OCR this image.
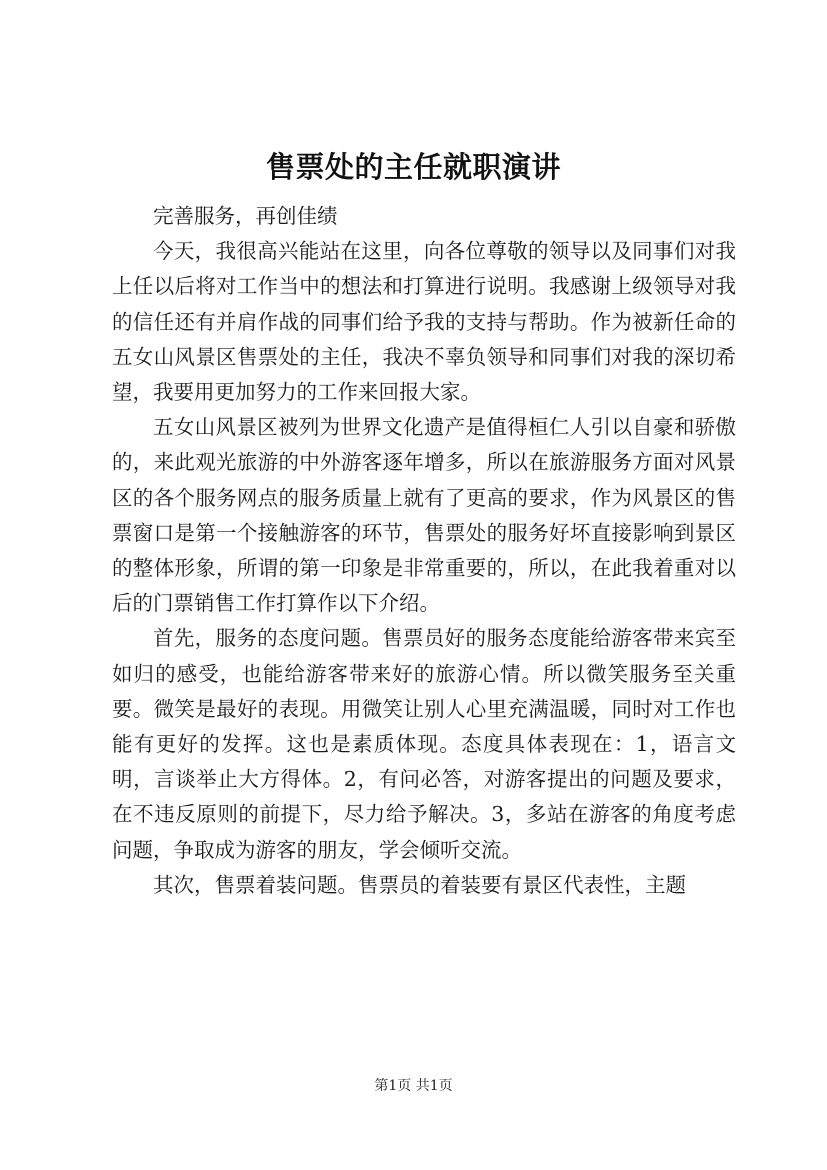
售票处的主任就职演讲

完善服务，再创佳绩

今天，我很高兴能站在这里，向各位尊敬的领导以及同事们对我上任以后将对工作当中的想法和打算进行说明。我感谢上级领导对我的信任还有并肩作战的同事们给予我的支持与帮助。作为被新任命的五女山风景区售票处的主任，我决不辜负领导和同事们对我的深切希望，我要用更加努力的工作来回报大家。

五女山风景区被列为世界文化遗产是值得桓仁人引以自豪和骄傲的，来此观光旅游的中外游客逐年增多，所以在旅游服务方面对风景区的各个服务网点的服务质量上就有了更高的要求，作为风景区的售票窗口是第一个接触游客的环节，售票处的服务好坏直接影响到景区的整体形象，所谓的第一印象是非常重要的，所以，在此我着重对以后的门票销售工作打算作以下介绍。

首先，服务的态度问题。售票员好的服务态度能给游客带来宾至如归的感受，也能给游客带来好的旅游心情。所以微笑服务至关重要。微笑是最好的表现。用微笑让别人心里充满温暖，同时对工作也能有更好的发挥。这也是素质体现。态度具体表现在：1，语言文明，言谈举止大方得体。2，有问必答，对游客提出的问题及要求，在不违反原则的前提下，尽力给予解决。3，多站在游客的角度考虑问题，争取成为游客的朋友，学会倾听交流。

其次，售票着装问题。售票员的着装要有景区代表性，主题

第1页 共1页
